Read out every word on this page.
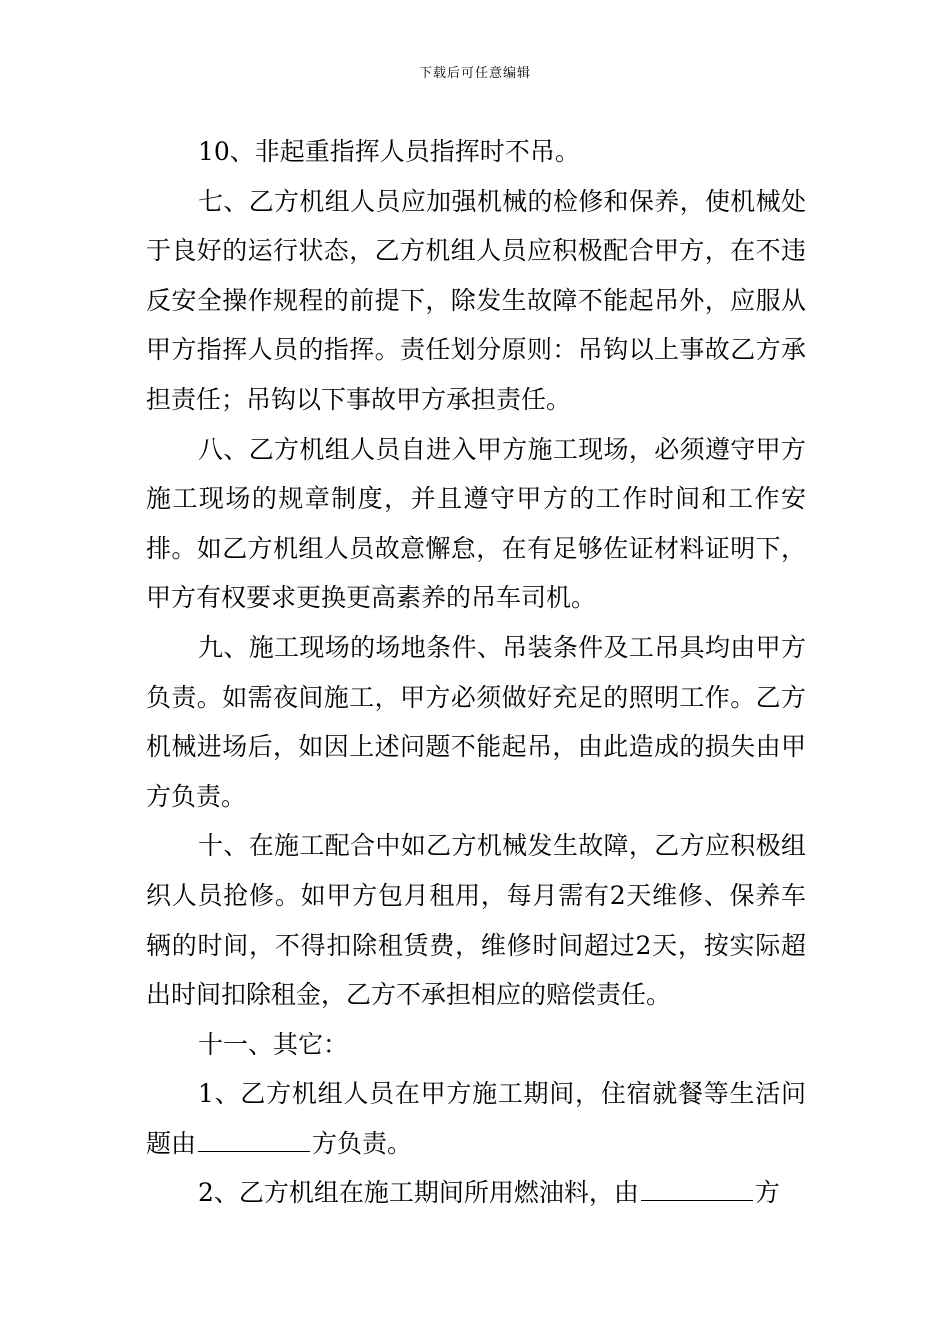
下载后可任意编辑

10、非起重指挥人员指挥时不吊。

七、乙方机组人员应加强机械的检修和保养，使机械处于良好的运行状态，乙方机组人员应积极配合甲方，在不违反安全操作规程的前提下，除发生故障不能起吊外，应服从甲方指挥人员的指挥。责任划分原则：吊钩以上事故乙方承担责任；吊钩以下事故甲方承担责任。

八、乙方机组人员自进入甲方施工现场，必须遵守甲方施工现场的规章制度，并且遵守甲方的工作时间和工作安排。如乙方机组人员故意懈怠，在有足够佐证材料证明下，甲方有权要求更换更高素养的吊车司机。

九、施工现场的场地条件、吊装条件及工吊具均由甲方负责。如需夜间施工，甲方必须做好充足的照明工作。乙方机械进场后，如因上述问题不能起吊，由此造成的损失由甲方负责。

十、在施工配合中如乙方机械发生故障，乙方应积极组织人员抢修。如甲方包月租用，每月需有2天维修、保养车辆的时间，不得扣除租赁费，维修时间超过2天，按实际超出时间扣除租金，乙方不承担相应的赔偿责任。

十一、其它：

1、乙方机组人员在甲方施工期间，住宿就餐等生活问题由	方负责。

2、乙方机组在施工期间所用燃油料，由	方
